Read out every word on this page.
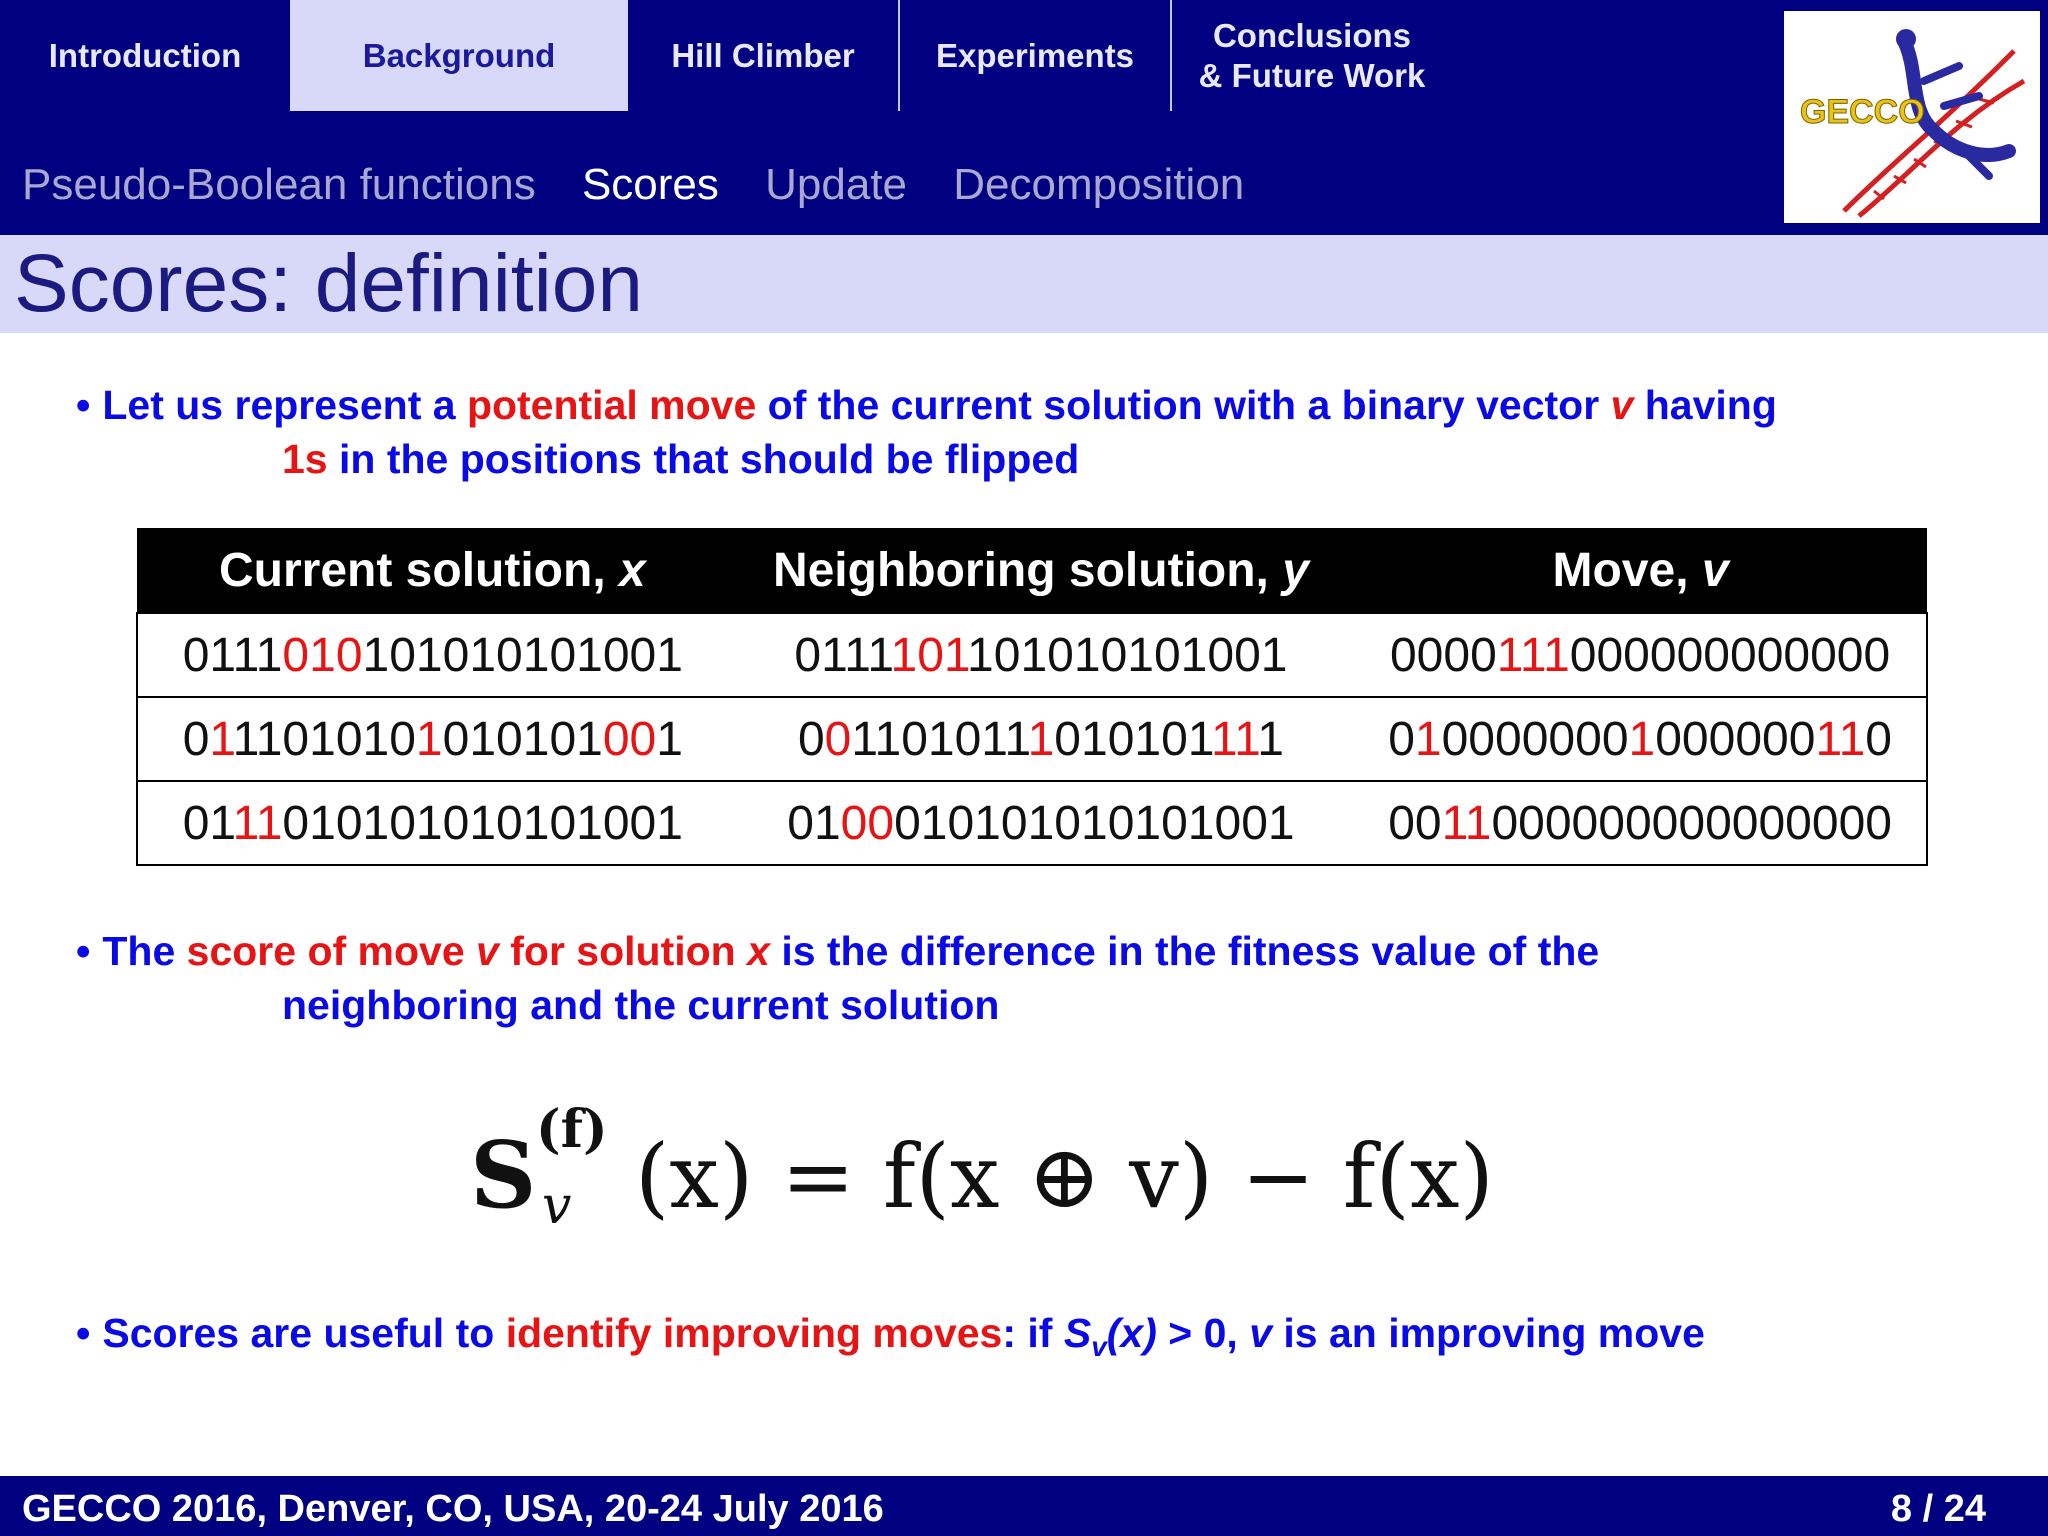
Introduction	Background	Hill Climber	Experiments
Conclusions
& Future Work
Pseudo-Boolean functions Scores Update Decomposition
GECCO
Scores: definition
• Let us represent a potential move of the current solution with a binary vector v having
1s in the positions that should be flipped
Current solution, x	Neighboring solution, y	Move, v
0111010101010101001	0111101101010101001	0000111000000000000
0111010101010101001	0011010111010101111	0100000001000000110
0111010101010101001	0100010101010101001	0011000000000000000
• The score of move v for solution x is the difference in the fitness value of the
neighboring and the current solution
S (f)
v (x) = f(x ⊕ v) − f(x)
• Scores are useful to identify improving moves: if $S_v(x) > 0$, v is an improving move
GECCO 2016, Denver, CO, USA, 20-24 July 2016	8 / 24
